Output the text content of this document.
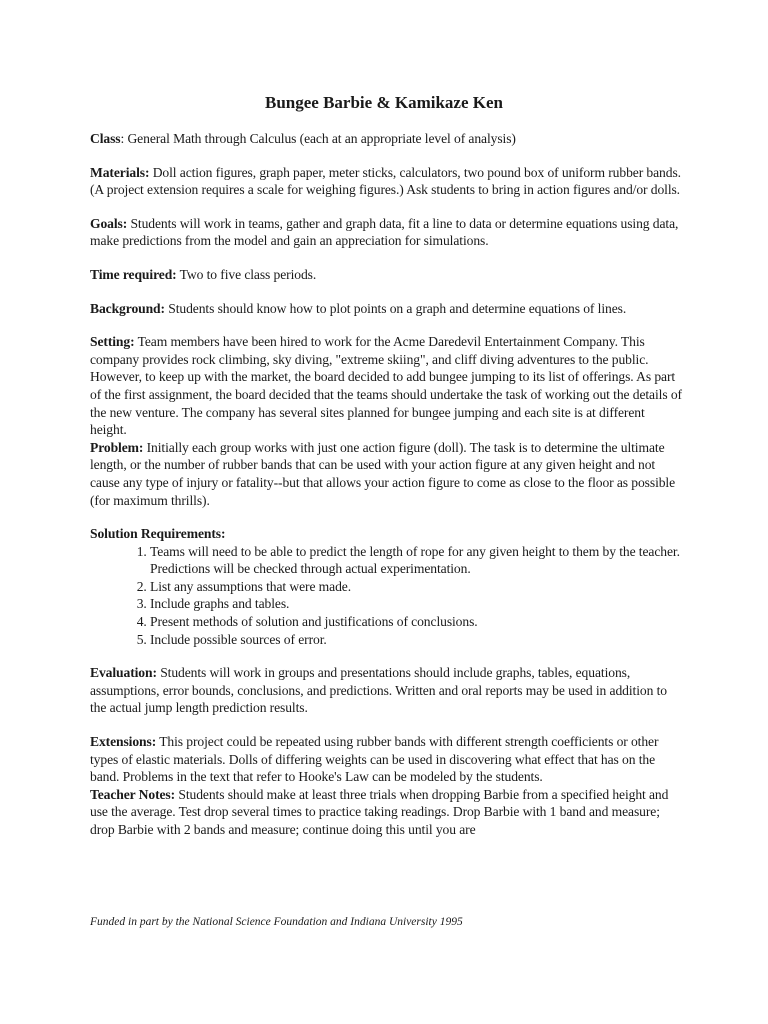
Bungee Barbie & Kamikaze Ken

Class: General Math through Calculus (each at an appropriate level of analysis)

Materials: Doll action figures, graph paper, meter sticks, calculators, two pound box of uniform rubber bands. (A project extension requires a scale for weighing figures.) Ask students to bring in action figures and/or dolls.

Goals: Students will work in teams, gather and graph data, fit a line to data or determine equations using data, make predictions from the model and gain an appreciation for simulations.

Time required: Two to five class periods.

Background: Students should know how to plot points on a graph and determine equations of lines.

Setting: Team members have been hired to work for the Acme Daredevil Entertainment Company. This company provides rock climbing, sky diving, "extreme skiing", and cliff diving adventures to the public. However, to keep up with the market, the board decided to add bungee jumping to its list of offerings. As part of the first assignment, the board decided that the teams should undertake the task of working out the details of the new venture. The company has several sites planned for bungee jumping and each site is at different height.

Problem: Initially each group works with just one action figure (doll). The task is to determine the ultimate length, or the number of rubber bands that can be used with your action figure at any given height and not cause any type of injury or fatality--but that allows your action figure to come as close to the floor as possible (for maximum thrills).

Solution Requirements:

1. Teams will need to be able to predict the length of rope for any given height to them by the teacher. Predictions will be checked through actual experimentation.
2. List any assumptions that were made.
3. Include graphs and tables.
4. Present methods of solution and justifications of conclusions.
5. Include possible sources of error.

Evaluation: Students will work in groups and presentations should include graphs, tables, equations, assumptions, error bounds, conclusions, and predictions. Written and oral reports may be used in addition to the actual jump length prediction results.

Extensions: This project could be repeated using rubber bands with different strength coefficients or other types of elastic materials. Dolls of differing weights can be used in discovering what effect that has on the band. Problems in the text that refer to Hooke's Law can be modeled by the students.

Teacher Notes: Students should make at least three trials when dropping Barbie from a specified height and use the average. Test drop several times to practice taking readings. Drop Barbie with 1 band and measure; drop Barbie with 2 bands and measure; continue doing this until you are

Funded in part by the National Science Foundation and Indiana University 1995
